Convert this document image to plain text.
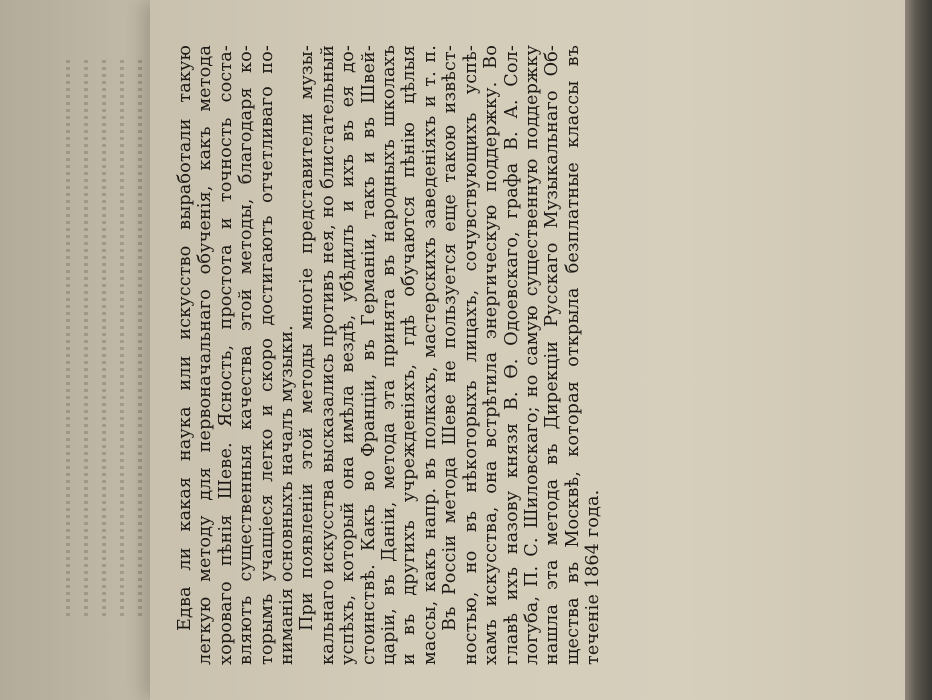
Едва ли какая наука или искусство выработали такую легкую методу для первоначальнаго обученія, какъ метода хороваго пѣнія Шеве. Ясность, простота и точность соста- вляютъ существенныя качества этой методы, благодаря ко- торымъ учащіеся легко и скоро достигаютъ отчетливаго по- ниманія основныхъ началъ музыки. При появленіи этой методы многіе представители музы- кальнаго искусства высказались противъ нея, но блистательный успѣхъ, который она имѣла вездѣ, убѣдилъ и ихъ въ ея до- стоинствѣ. Какъ во Франціи, въ Германіи, такъ и въ Швей- царіи, въ Даніи, метода эта принята въ народныхъ школахъ и въ другихъ учрежденіяхъ, гдѣ обучаются пѣнію цѣлыя массы, какъ напр. въ полкахъ, мастерскихъ заведеніяхъ и т. п. Въ Россіи метода Шеве не пользуется еще такою извѣст- ностью, но въ нѣкоторыхъ лицахъ, сочувствующихъ успѣ- хамъ искусства, она встрѣтила энергическую поддержку. Во главѣ ихъ назову князя В. Ѳ. Одоевскаго, графа В. А. Сол- логуба, П. С. Шиловскаго; но самую существенную поддержку нашла эта метода въ Дирекціи Русскаго Музыкальнаго Об- щества въ Москвѣ, которая открыла безплатные классы въ теченіе 1864 года.
